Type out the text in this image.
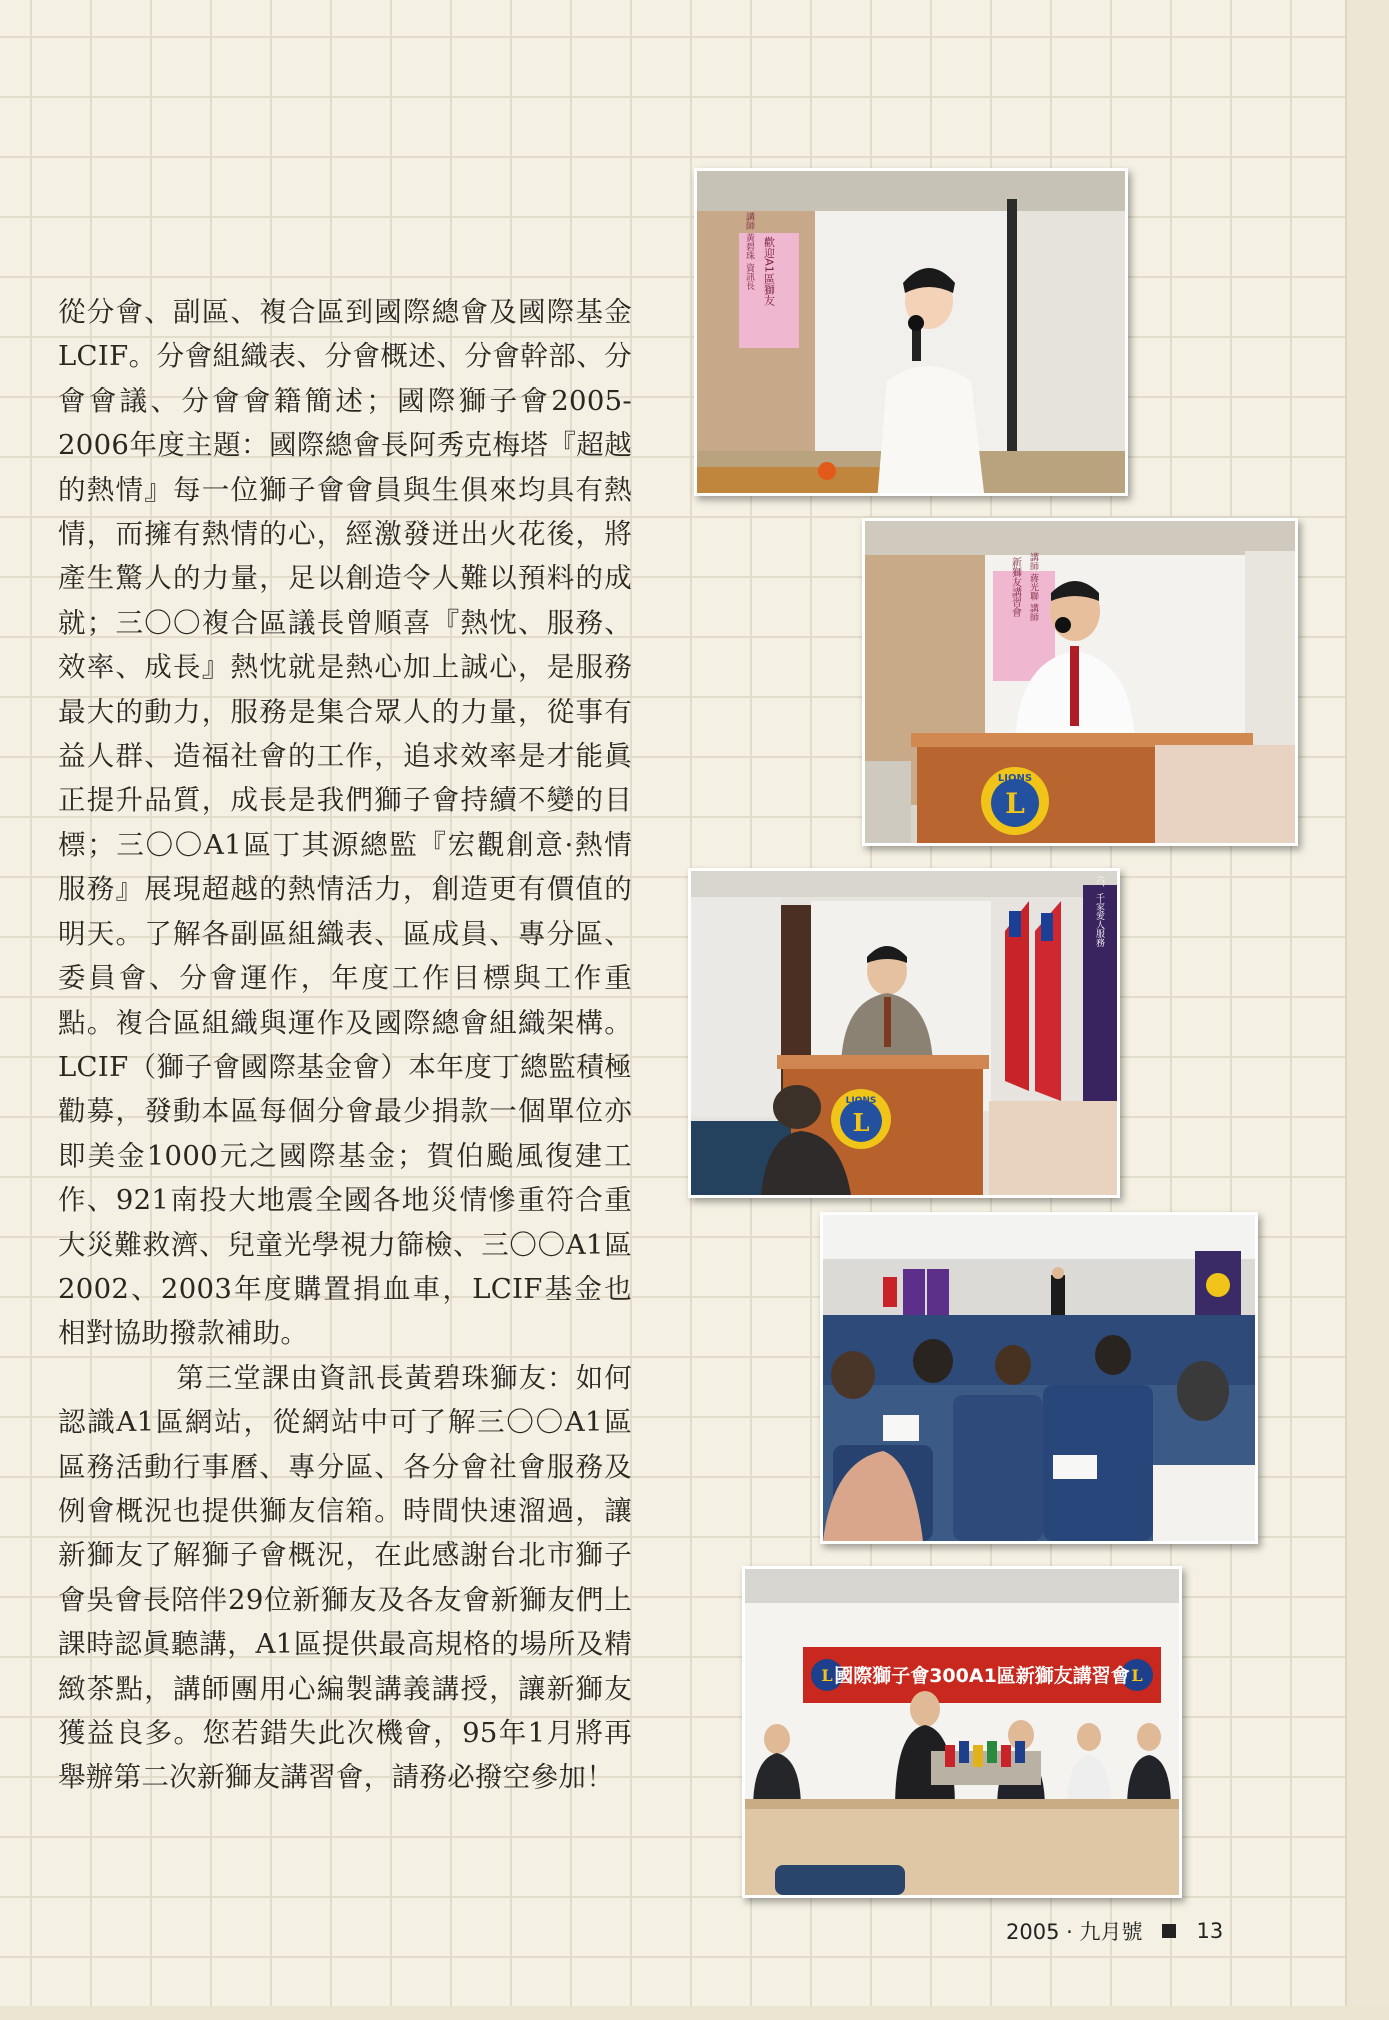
從分會、副區、複合區到國際總會及國際基金LCIF。分會組織表、分會概述、分會幹部、分會會議、分會會籍簡述；國際獅子會2005-2006年度主題：國際總會長阿秀克梅塔『超越的熱情』每一位獅子會會員與生俱來均具有熱情，而擁有熱情的心，經激發迸出火花後，將產生驚人的力量，足以創造令人難以預料的成就；三〇〇複合區議長曾順喜『熱忱、服務、效率、成長』熱忱就是熱心加上誠心，是服務最大的動力，服務是集合眾人的力量，從事有益人群、造福社會的工作，追求效率是才能眞正提升品質，成長是我們獅子會持續不變的目標；三〇〇A1區丁其源總監『宏觀創意·熱情服務』展現超越的熱情活力，創造更有價值的明天。了解各副區組織表、區成員、專分區、委員會、分會運作，年度工作目標與工作重點。複合區組織與運作及國際總會組織架構。LCIF（獅子會國際基金會）本年度丁總監積極勸募，發動本區每個分會最少捐款一個單位亦即美金1000元之國際基金；賀伯颱風復建工作、921南投大地震全國各地災情慘重符合重大災難救濟、兒童光學視力篩檢、三〇〇A1區2002、2003年度購置捐血車，LCIF基金也相對協助撥款補助。

第三堂課由資訊長黃碧珠獅友：如何認識A1區網站，從網站中可了解三〇〇A1區區務活動行事曆、專分區、各分會社會服務及例會概況也提供獅友信箱。時間快速溜過，讓新獅友了解獅子會概況，在此感謝台北市獅子會吳會長陪伴29位新獅友及各友會新獅友們上課時認眞聽講，A1區提供最高規格的場所及精緻茶點，講師團用心編製講義講授，讓新獅友獲益良多。您若錯失此次機會，95年1月將再舉辦第二次新獅友講習會，請務必撥空參加！

歡迎A1區獅友
講師 黃碧珠 資訊長
新獅友講習會 講師 蔣光聯 講師
L
LIONS
L
LIONS
六、千家愛人服務
L	L
國際獅子會300A1區新獅友講習會
2005 · 九月號	13
